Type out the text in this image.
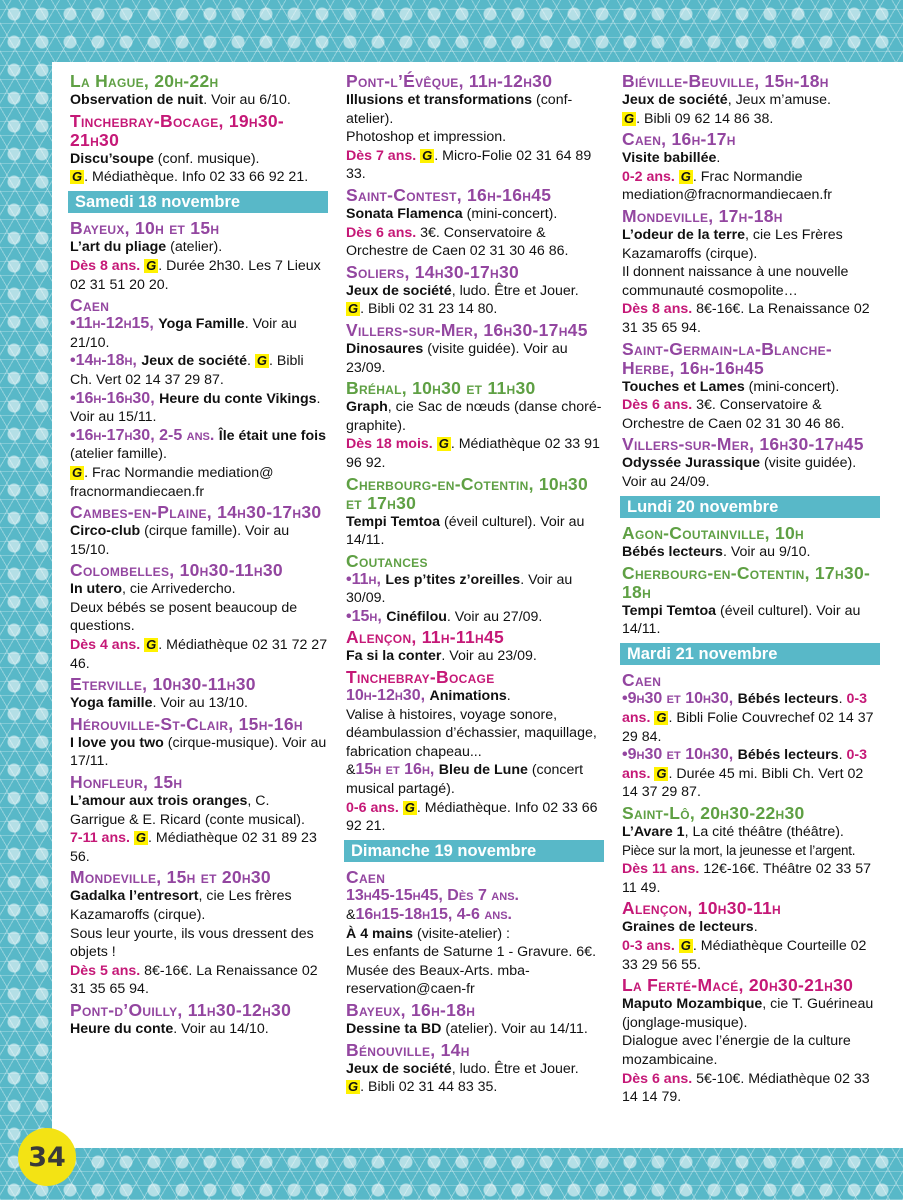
La Hague, 20h-22h

Observation de nuit. Voir au 6/10.

Tinchebray-Bocage, 19h30-21h30

Discu’soupe (conf. musique).
G . Médiathèque. Info 02 33 66 92 21.

Samedi 18 novembre
Bayeux, 10h et 15h

L’art du pliage (atelier).
Dès 8 ans. G . Durée 2h30. Les 7 Lieux 02 31 51 20 20.

Caen

•11h-12h15, Yoga Famille. Voir au 21/10.

•14h-18h, Jeux de société. G . Bibli Ch. Vert 02 14 37 29 87.

•16h-16h30, Heure du conte Vikings. Voir au 15/11.

•16h-17h30, 2-5 ans. Île était une fois (atelier famille).
G . Frac Normandie mediation@ fracnormandiecaen.fr

Cambes-en-Plaine, 14h30-17h30

Circo-club (cirque famille). Voir au 15/10.

Colombelles, 10h30-11h30

In utero, cie Arrivedercho.

Deux bébés se posent beaucoup de questions.

Dès 4 ans. G . Médiathèque 02 31 72 27 46.

Eterville, 10h30-11h30

Yoga famille. Voir au 13/10.

Hérouville-St-Clair, 15h-16h

I love you two (cirque-musique). Voir au 17/11.

Honfleur, 15h

L’amour aux trois oranges, C. Garrigue & E. Ricard (conte musical).

7-11 ans. G . Médiathèque 02 31 89 23 56.

Mondeville, 15h et 20h30

Gadalka l’entresort, cie Les frères Kazamaroffs (cirque).

Sous leur yourte, ils vous dressent des objets !

Dès 5 ans. 8€-16€. La Renaissance 02 31 35 65 94.

Pont-d’Ouilly, 11h30-12h30

Heure du conte. Voir au 14/10.

Pont-l’Évêque, 11h-12h30

Illusions et transformations (conf-atelier).

Photoshop et impression.

Dès 7 ans. G . Micro-Folie 02 31 64 89 33.

Saint-Contest, 16h-16h45

Sonata Flamenca (mini-concert).

Dès 6 ans. 3€. Conservatoire & Orchestre de Caen 02 31 30 46 86.

Soliers, 14h30-17h30

Jeux de société, ludo. Être et Jouer.
G . Bibli 02 31 23 14 80.

Villers-sur-Mer, 16h30-17h45

Dinosaures (visite guidée). Voir au 23/09.

Bréhal, 10h30 et 11h30

Graph, cie Sac de nœuds (danse choré-graphite).

Dès 18 mois. G . Médiathèque 02 33 91 96 92.

Cherbourg-en-Cotentin, 10h30 et 17h30

Tempi Temtoa (éveil culturel). Voir au 14/11.

Coutances

•11h, Les p’tites z’oreilles. Voir au 30/09.

•15h, Cinéfilou. Voir au 27/09.

Alençon, 11h-11h45

Fa si la conter. Voir au 23/09.

Tinchebray-Bocage

10h-12h30, Animations.

Valise à histoires, voyage sonore, déambulassion d’échassier, maquillage, fabrication chapeau...

&15h et 16h, Bleu de Lune (concert musical partagé).

0-6 ans. G . Médiathèque. Info 02 33 66 92 21.

Dimanche 19 novembre
Caen

13h45-15h45, Dès 7 ans.

&16h15-18h15, 4-6 ans.

À 4 mains (visite-atelier) :

Les enfants de Saturne 1 - Gravure. 6€. Musée des Beaux-Arts. mba-reservation@caen-fr

Bayeux, 16h-18h

Dessine ta BD (atelier). Voir au 14/11.

Bénouville, 14h

Jeux de société, ludo. Être et Jouer.
G . Bibli 02 31 44 83 35.

Biéville-Beuville, 15h-18h

Jeux de société, Jeux m’amuse.
G . Bibli 09 62 14 86 38.

Caen, 16h-17h

Visite babillée.

0-2 ans. G . Frac Normandie mediation@fracnormandiecaen.fr

Mondeville, 17h-18h

L’odeur de la terre, cie Les Frères Kazamaroffs (cirque).

Il donnent naissance à une nouvelle communauté cosmopolite…

Dès 8 ans. 8€-16€. La Renaissance 02 31 35 65 94.

Saint-Germain-la-Blanche-Herbe, 16h-16h45

Touches et Lames (mini-concert).

Dès 6 ans. 3€. Conservatoire & Orchestre de Caen 02 31 30 46 86.

Villers-sur-Mer, 16h30-17h45

Odyssée Jurassique (visite guidée). Voir au 24/09.

Lundi 20 novembre
Agon-Coutainville, 10h

Bébés lecteurs. Voir au 9/10.

Cherbourg-en-Cotentin, 17h30-18h

Tempi Temtoa (éveil culturel). Voir au 14/11.

Mardi 21 novembre
Caen

•9h30 et 10h30, Bébés lecteurs. 0-3 ans. G . Bibli Folie Couvrechef 02 14 37 29 84.

•9h30 et 10h30, Bébés lecteurs. 0-3 ans. G . Durée 45 mi. Bibli Ch. Vert 02 14 37 29 87.

Saint-Lô, 20h30-22h30

L’Avare 1, La cité théâtre (théâtre).

Pièce sur la mort, la jeunesse et l’argent.

Dès 11 ans. 12€-16€. Théâtre 02 33 57 11 49.

Alençon, 10h30-11h

Graines de lecteurs.

0-3 ans. G . Médiathèque Courteille 02 33 29 56 55.

La Ferté-Macé, 20h30-21h30

Maputo Mozambique, cie T. Guérineau (jonglage-musique).

Dialogue avec l’énergie de la culture mozambicaine.

Dès 6 ans. 5€-10€. Médiathèque 02 33 14 14 79.

34
